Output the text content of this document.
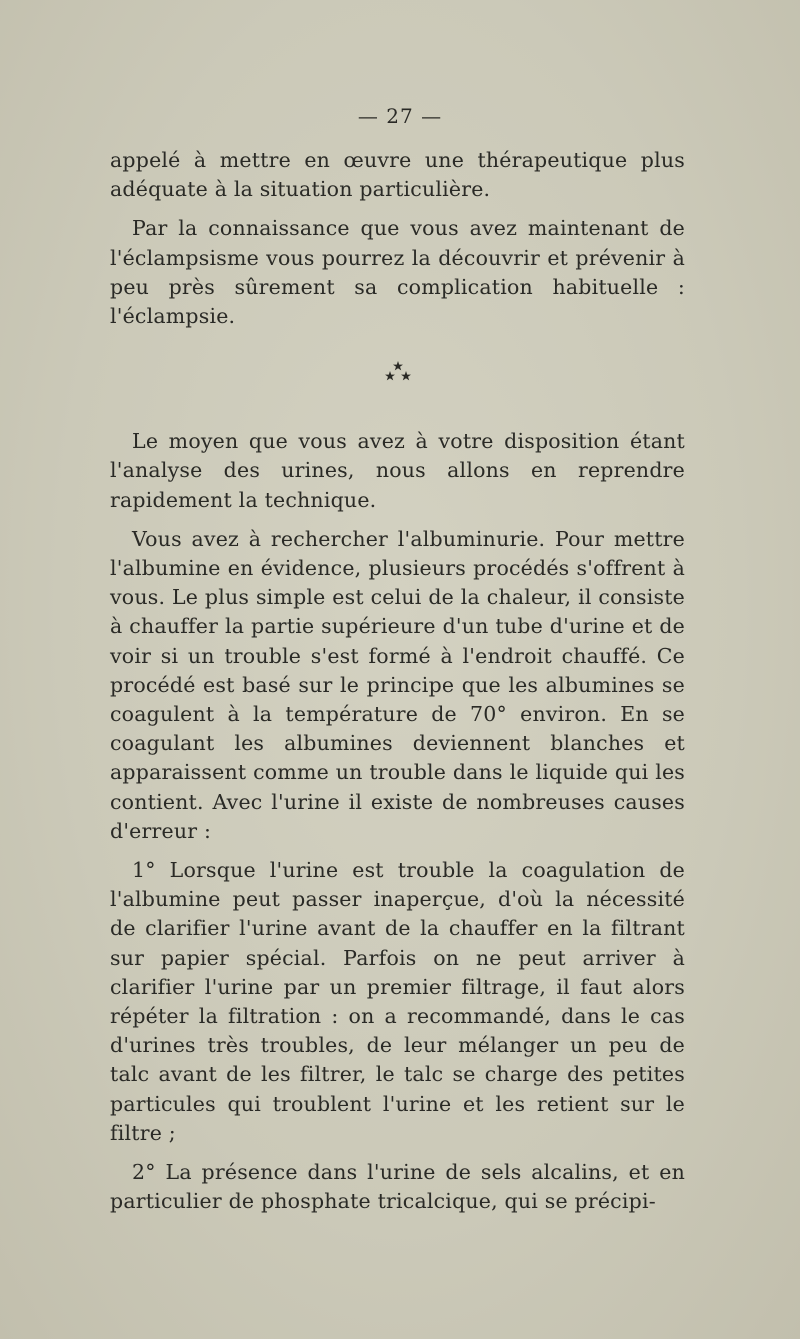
— 27 —

appelé à mettre en œuvre une thérapeutique plus adéquate à la situation particulière.

Par la connaissance que vous avez maintenant de l'éclampsisme vous pourrez la découvrir et prévenir à peu près sûrement sa complication habituelle : l'éclampsie.

Le moyen que vous avez à votre disposition étant l'analyse des urines, nous allons en reprendre rapidement la technique.

Vous avez à rechercher l'albuminurie. Pour mettre l'albumine en évidence, plusieurs procédés s'offrent à vous. Le plus simple est celui de la chaleur, il consiste à chauffer la partie supérieure d'un tube d'urine et de voir si un trouble s'est formé à l'endroit chauffé. Ce procédé est basé sur le principe que les albumines se coagulent à la température de 70° environ. En se coagulant les albumines deviennent blanches et apparaissent comme un trouble dans le liquide qui les contient. Avec l'urine il existe de nombreuses causes d'erreur :

1° Lorsque l'urine est trouble la coagulation de l'albumine peut passer inaperçue, d'où la nécessité de clarifier l'urine avant de la chauffer en la filtrant sur papier spécial. Parfois on ne peut arriver à clarifier l'urine par un premier filtrage, il faut alors répéter la filtration : on a recommandé, dans le cas d'urines très troubles, de leur mélanger un peu de talc avant de les filtrer, le talc se charge des petites particules qui troublent l'urine et les retient sur le filtre ;

2° La présence dans l'urine de sels alcalins, et en particulier de phosphate tricalcique, qui se précipi-
